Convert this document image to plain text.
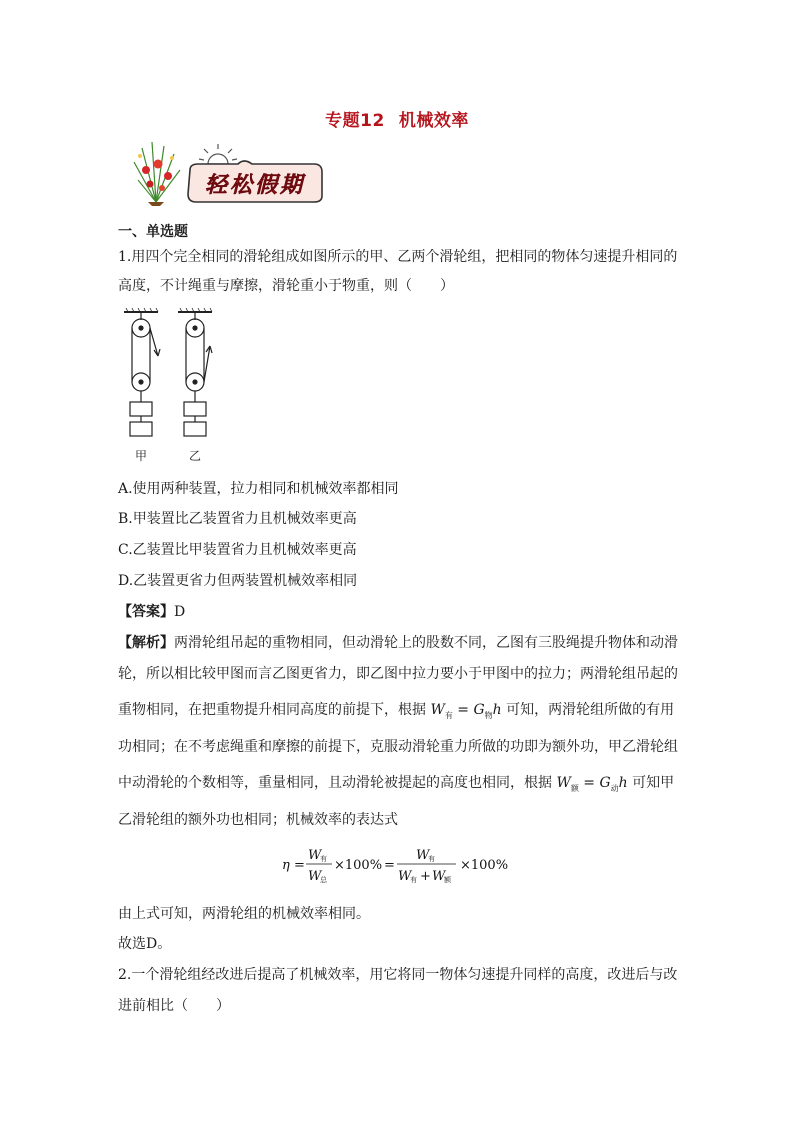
专题12 机械效率
轻松假期
一、单选题
1.用四个完全相同的滑轮组成如图所示的甲、乙两个滑轮组，把相同的物体匀速提升相同的
高度，不计绳重与摩擦，滑轮重小于物重，则（　　）
甲	乙
A.使用两种装置，拉力相同和机械效率都相同
B.甲装置比乙装置省力且机械效率更高
C.乙装置比甲装置省力且机械效率更高
D.乙装置更省力但两装置机械效率相同
【答案】D
【解析】两滑轮组吊起的重物相同，但动滑轮上的股数不同，乙图有三股绳提升物体和动滑
轮，所以相比较甲图而言乙图更省力，即乙图中拉力要小于甲图中的拉力；两滑轮组吊起的
重物相同，在把重物提升相同高度的前提下，根据 $W_有 = G_物h$ 可知，两滑轮组所做的有用
功相同；在不考虑绳重和摩擦的前提下，克服动滑轮重力所做的功即为额外功，甲乙滑轮组
中动滑轮的个数相等，重量相同，且动滑轮被提起的高度也相同，根据 $W_额 = G_动h$ 可知甲
乙滑轮组的额外功也相同；机械效率的表达式
η =
W
有
W
总
×100% =
W
有
W
有 + W
额
×100%
由上式可知，两滑轮组的机械效率相同。
故选D。
2.一个滑轮组经改进后提高了机械效率，用它将同一物体匀速提升同样的高度，改进后与改
进前相比（　　）
